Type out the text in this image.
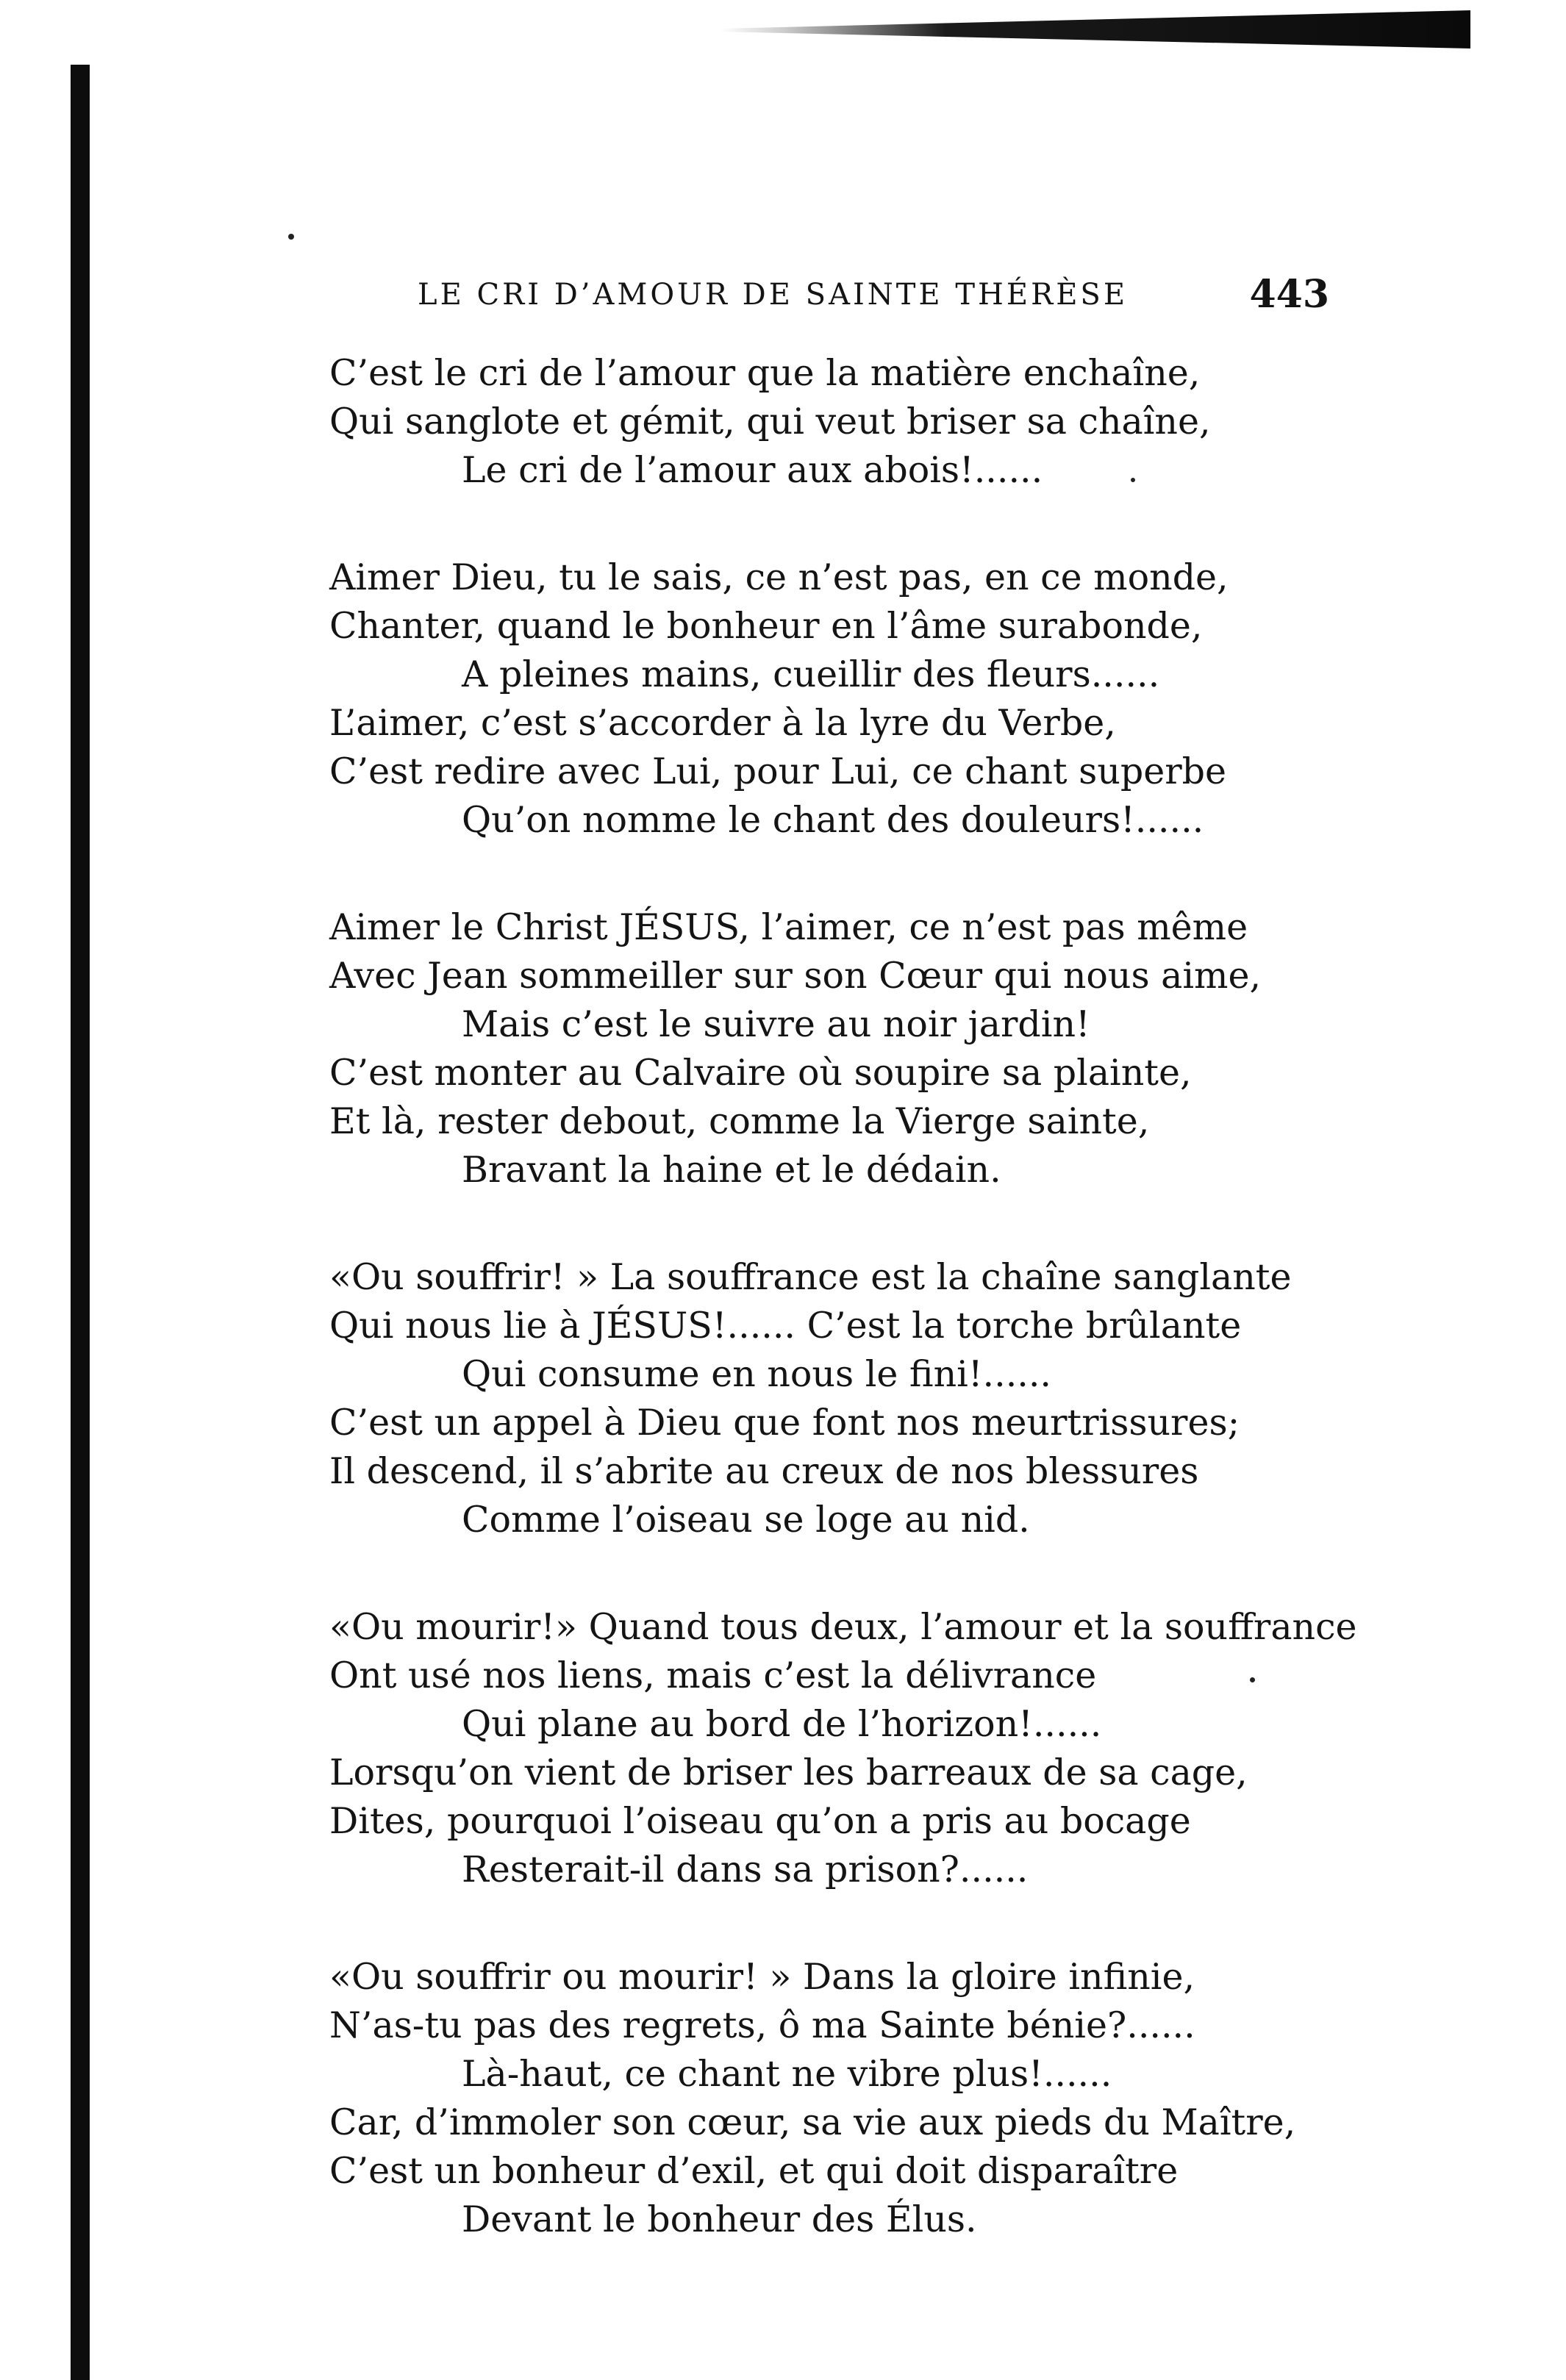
LE CRI D’AMOUR DE SAINTE THÉRÈSE	443
C’est le cri de l’amour que la matière enchaîne,
Qui sanglote et gémit, qui veut briser sa chaîne,
Le cri de l’amour aux abois!......
Aimer Dieu, tu le sais, ce n’est pas, en ce monde,
Chanter, quand le bonheur en l’âme surabonde,
A pleines mains, cueillir des fleurs......
L’aimer, c’est s’accorder à la lyre du Verbe,
C’est redire avec Lui, pour Lui, ce chant superbe
Qu’on nomme le chant des douleurs!......
Aimer le Christ JÉSUS, l’aimer, ce n’est pas même
Avec Jean sommeiller sur son Cœur qui nous aime,
Mais c’est le suivre au noir jardin!
C’est monter au Calvaire où soupire sa plainte,
Et là, rester debout, comme la Vierge sainte,
Bravant la haine et le dédain.
«Ou souffrir! » La souffrance est la chaîne sanglante
Qui nous lie à JÉSUS!...... C’est la torche brûlante
Qui consume en nous le fini!......
C’est un appel à Dieu que font nos meurtrissures;
Il descend, il s’abrite au creux de nos blessures
Comme l’oiseau se loge au nid.
«Ou mourir!» Quand tous deux, l’amour et la souffrance
Ont usé nos liens, mais c’est la délivrance
Qui plane au bord de l’horizon!......
Lorsqu’on vient de briser les barreaux de sa cage,
Dites, pourquoi l’oiseau qu’on a pris au bocage
Resterait-il dans sa prison?......
«Ou souffrir ou mourir! » Dans la gloire infinie,
N’as-tu pas des regrets, ô ma Sainte bénie?......
Là-haut, ce chant ne vibre plus!......
Car, d’immoler son cœur, sa vie aux pieds du Maître,
C’est un bonheur d’exil, et qui doit disparaître
Devant le bonheur des Élus.
